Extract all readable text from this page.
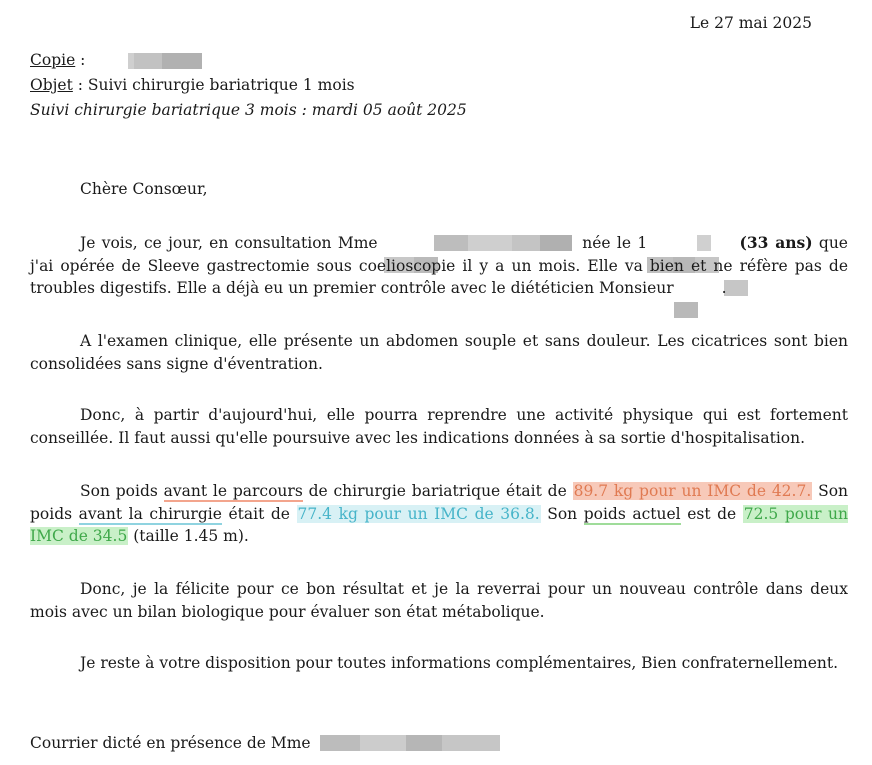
Le 27 mai 2025
Copie :
Objet : Suivi chirurgie bariatrique 1 mois
Suivi chirurgie bariatrique 3 mois : mardi 05 août 2025

Chère Consœur,

Je vois, ce jour, en consultation Mme	née le 1	(33 ans) que j'ai opérée de Sleeve gastrectomie sous coelioscopie il y a un mois. Elle va bien et ne réfère pas de troubles digestifs. Elle a déjà eu un premier contrôle avec le diététicien Monsieur	.

A l'examen clinique, elle présente un abdomen souple et sans douleur. Les cicatrices sont bien consolidées sans signe d'éventration.

Donc, à partir d'aujourd'hui, elle pourra reprendre une activité physique qui est fortement conseillée. Il faut aussi qu'elle poursuive avec les indications données à sa sortie d'hospitalisation.

Son poids avant le parcours de chirurgie bariatrique était de 89.7 kg pour un IMC de 42.7. Son poids avant la chirurgie était de 77.4 kg pour un IMC de 36.8. Son poids actuel est de 72.5 pour un IMC de 34.5 (taille 1.45 m).

Donc, je la félicite pour ce bon résultat et je la reverrai pour un nouveau contrôle dans deux mois avec un bilan biologique pour évaluer son état métabolique.

Je reste à votre disposition pour toutes informations complémentaires, Bien confraternellement.

Courrier dicté en présence de Mme
